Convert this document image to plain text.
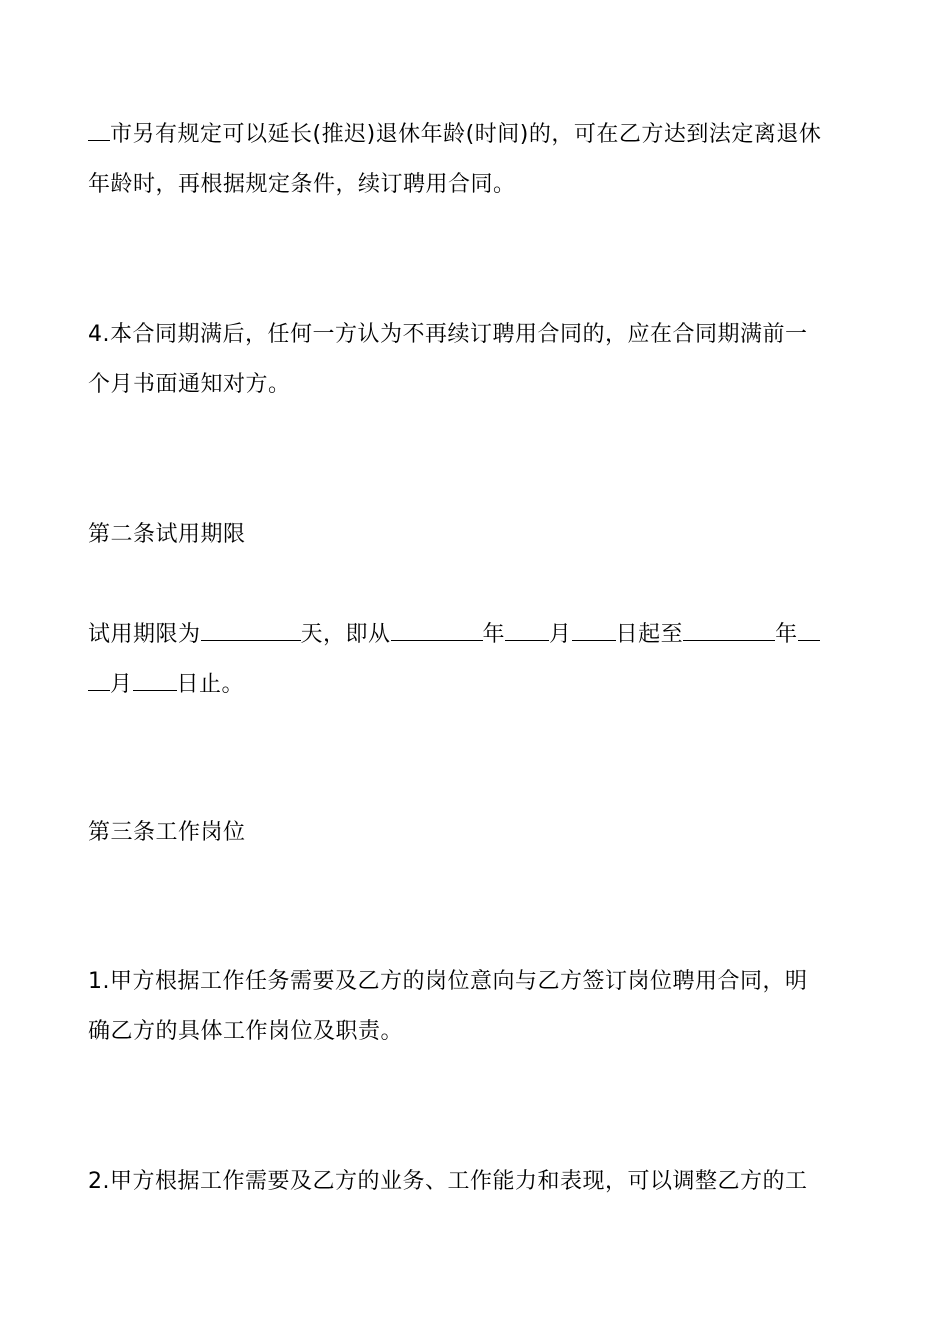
市另有规定可以延长(推迟)退休年龄(时间)的，可在乙方达到法定离退休
年龄时，再根据规定条件，续订聘用合同。
4.本合同期满后，任何一方认为不再续订聘用合同的，应在合同期满前一
个月书面通知对方。
第二条试用期限
试用期限为	天，即从	年 月 日起至	年
月 日止。
第三条工作岗位
1.甲方根据工作任务需要及乙方的岗位意向与乙方签订岗位聘用合同，明
确乙方的具体工作岗位及职责。
2.甲方根据工作需要及乙方的业务、工作能力和表现，可以调整乙方的工
